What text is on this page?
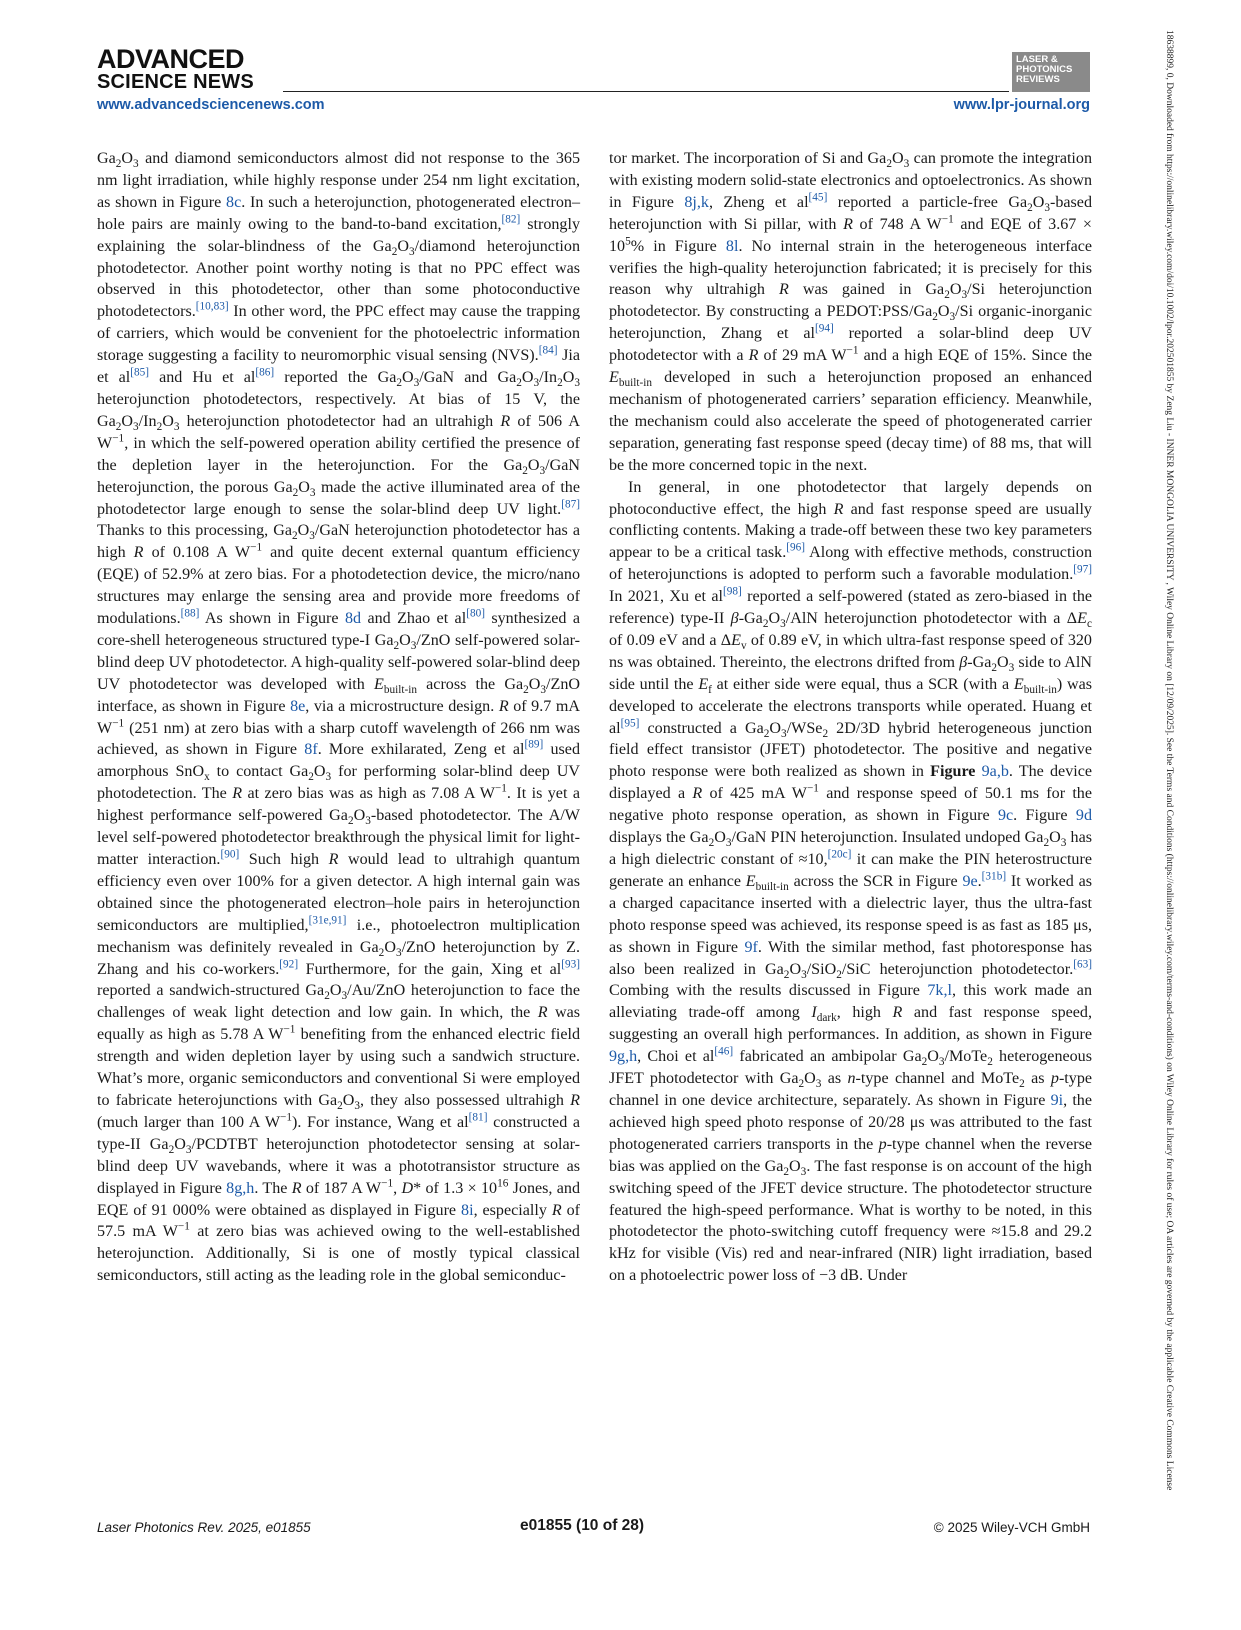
ADVANCED
SCIENCE NEWS
LASER & PHOTONICS REVIEWS
www.advancedsciencenews.com	www.lpr-journal.org	18638899, 0, Downloaded from https://onlinelibrary.wiley.com/doi/10.1002/lpor.202501855 by Zeng Liu - INNER MONGOLIA UNIVERSITY , Wiley Online Library on [12/09/2025]. See the Terms and Conditions (https://onlinelibrary.wiley.com/terms-and-conditions) on Wiley Online Library for rules of use; OA articles are governed by the applicable Creative Commons License

$Ga_2O_3$ and diamond semiconductors almost did not response to the 365 nm light irradiation, while highly response under 254 nm light excitation, as shown in Figure 8c. In such a heterojunction, photogenerated electron–hole pairs are mainly owing to the band-to-band excitation,[82] strongly explaining the solar-blindness of the $Ga_2O_3$/diamond heterojunction photodetector. Another point worthy noting is that no PPC effect was observed in this photodetector, other than some photoconductive photodetectors.[10,83] In other word, the PPC effect may cause the trapping of carriers, which would be convenient for the photoelectric information storage suggesting a facility to neuromorphic visual sensing (NVS).[84] Jia et al[85] and Hu et al[86] reported the $Ga_2O_3$/GaN and $Ga_2O_3/In_2O_3$ heterojunction photodetectors, respectively. At bias of 15 V, the $Ga_2O_3/In_2O_3$ heterojunction photodetector had an ultrahigh R of 506 A $W^{-1}$, in which the self-powered operation ability certified the presence of the depletion layer in the heterojunction. For the $Ga_2O_3$/GaN heterojunction, the porous $Ga_2O_3$ made the active illuminated area of the photodetector large enough to sense the solar-blind deep UV light.[87] Thanks to this processing, $Ga_2O_3$/GaN heterojunction photodetector has a high R of 0.108 A $W^{-1}$ and quite decent external quantum efficiency (EQE) of 52.9% at zero bias. For a photodetection device, the micro/nano structures may enlarge the sensing area and provide more freedoms of modulations.[88] As shown in Figure 8d and Zhao et al[80] synthesized a core-shell heterogeneous structured type-I $Ga_2O_3$/ZnO self-powered solar-blind deep UV photodetector. A high-quality self-powered solar-blind deep UV photodetector was developed with $E_{built-in}$ across the $Ga_2O_3$/ZnO interface, as shown in Figure 8e, via a microstructure design. R of 9.7 mA $W^{-1}$ (251 nm) at zero bias with a sharp cutoff wavelength of 266 nm was achieved, as shown in Figure 8f. More exhilarated, Zeng et al[89] used amorphous SnO$_x$ to contact $Ga_2O_3$ for performing solar-blind deep UV photodetection. The R at zero bias was as high as 7.08 A $W^{-1}$. It is yet a highest performance self-powered $Ga_2O_3$-based photodetector. The A/W level self-powered photodetector breakthrough the physical limit for light-matter interaction.[90] Such high R would lead to ultrahigh quantum efficiency even over 100% for a given detector. A high internal gain was obtained since the photogenerated electron–hole pairs in heterojunction semiconductors are multiplied,[31e,91] i.e., photoelectron multiplication mechanism was definitely revealed in $Ga_2O_3$/ZnO heterojunction by Z. Zhang and his co-workers.[92] Furthermore, for the gain, Xing et al[93] reported a sandwich-structured $Ga_2O_3/Au$/ZnO heterojunction to face the challenges of weak light detection and low gain. In which, the R was equally as high as 5.78 A $W^{-1}$ benefiting from the enhanced electric field strength and widen depletion layer by using such a sandwich structure. What’s more, organic semiconductors and conventional Si were employed to fabricate heterojunctions with $Ga_2O_3$, they also possessed ultrahigh R (much larger than 100 A $W^{-1}$). For instance, Wang et al[81] constructed a type-II $Ga_2O_3$/PCDTBT heterojunction photodetector sensing at solar-blind deep UV wavebands, where it was a phototransistor structure as displayed in Figure 8g,h. The R of 187 A $W^{-1}$, D* of $1.3 \times 10^{16}$ Jones, and EQE of 91 000% were obtained as displayed in Figure 8i, especially R of 57.5 mA $W^{-1}$ at zero bias was achieved owing to the well-established heterojunction. Additionally, Si is one of mostly typical classical semiconductors, still acting as the leading role in the global semiconduc-

tor market. The incorporation of Si and $Ga_2O_3$ can promote the integration with existing modern solid-state electronics and optoelectronics. As shown in Figure 8j,k, Zheng et al[45] reported a particle-free $Ga_2O_3$-based heterojunction with Si pillar, with R of 748 A $W^{-1}$ and EQE of $3.67 \times 10^5\%$ in Figure 8l. No internal strain in the heterogeneous interface verifies the high-quality heterojunction fabricated; it is precisely for this reason why ultrahigh R was gained in $Ga_2O_3/Si$ heterojunction photodetector. By constructing a $PEDOT:PSS/Ga_2O_3/Si$ organic-inorganic heterojunction, Zhang et al[94] reported a solar-blind deep UV photodetector with a R of 29 mA $W^{-1}$ and a high EQE of 15%. Since the $E_{built-in}$ developed in such a heterojunction proposed an enhanced mechanism of photogenerated carriers’ separation efficiency. Meanwhile, the mechanism could also accelerate the speed of photogenerated carrier separation, generating fast response speed (decay time) of 88 ms, that will be the more concerned topic in the next.

In general, in one photodetector that largely depends on photoconductive effect, the high R and fast response speed are usually conflicting contents. Making a trade-off between these two key parameters appear to be a critical task.[96] Along with effective methods, construction of heterojunctions is adopted to perform such a favorable modulation.[97] In 2021, Xu et al[98] reported a self-powered (stated as zero-biased in the reference) type-II $\beta-Ga_2O_3$/AlN heterojunction photodetector with a $\Delta E_c$ of 0.09 eV and a $\Delta E_v$ of 0.89 eV, in which ultra-fast response speed of 320 ns was obtained. Thereinto, the electrons drifted from $\beta-Ga_2O_3$ side to AlN side until the $E_f$ at either side were equal, thus a SCR (with a $E_{built-in}$) was developed to accelerate the electrons transports while operated. Huang et al[95] constructed a $Ga_2O_3/WSe_2$ 2D/3D hybrid heterogeneous junction field effect transistor (JFET) photodetector. The positive and negative photo response were both realized as shown in Figure 9a,b. The device displayed a R of 425 mA $W^{-1}$ and response speed of 50.1 ms for the negative photo response operation, as shown in Figure 9c. Figure 9d displays the $Ga_2O_3$/GaN PIN heterojunction. Insulated undoped $Ga_2O_3$ has a high dielectric constant of ≈10,[20c] it can make the PIN heterostructure generate an enhance $E_{built-in}$ across the SCR in Figure 9e.[31b] It worked as a charged capacitance inserted with a dielectric layer, thus the ultra-fast photo response speed was achieved, its response speed is as fast as 185 μs, as shown in Figure 9f. With the similar method, fast photoresponse has also been realized in $Ga_2O_3/SiO_2$/SiC heterojunction photodetector.[63] Combing with the results discussed in Figure 7k,l, this work made an alleviating trade-off among $I_{dark}$, high R and fast response speed, suggesting an overall high performances. In addition, as shown in Figure 9g,h, Choi et al[46] fabricated an ambipolar $Ga_2O_3/MoTe_2$ heterogeneous JFET photodetector with $Ga_2O_3$ as n-type channel and MoTe$_2$ as p-type channel in one device architecture, separately. As shown in Figure 9i, the achieved high speed photo response of 20/28 μs was attributed to the fast photogenerated carriers transports in the p-type channel when the reverse bias was applied on the $Ga_2O_3$. The fast response is on account of the high switching speed of the JFET device structure. The photodetector structure featured the high-speed performance. What is worthy to be noted, in this photodetector the photo-switching cutoff frequency were ≈15.8 and 29.2 kHz for visible (Vis) red and near-infrared (NIR) light irradiation, based on a photoelectric power loss of −3 dB. Under

Laser Photonics Rev. 2025, e01855	e01855 (10 of 28)	© 2025 Wiley-VCH GmbH
